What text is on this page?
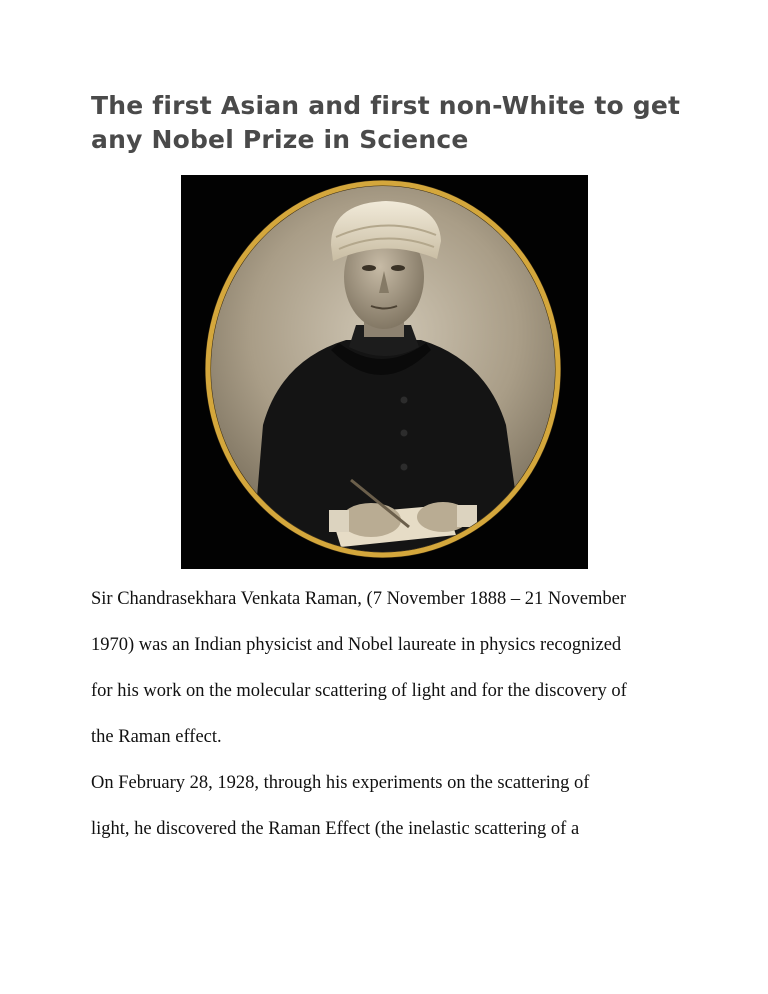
The first Asian and first non-White to get
any Nobel Prize in Science
Sir Chandrasekhara Venkata Raman, (7 November 1888 – 21 November
1970) was an Indian physicist and Nobel laureate in physics recognized
for his work on the molecular scattering of light and for the discovery of
the Raman effect.
On February 28, 1928, through his experiments on the scattering of
light, he discovered the Raman Effect (the inelastic scattering of a
